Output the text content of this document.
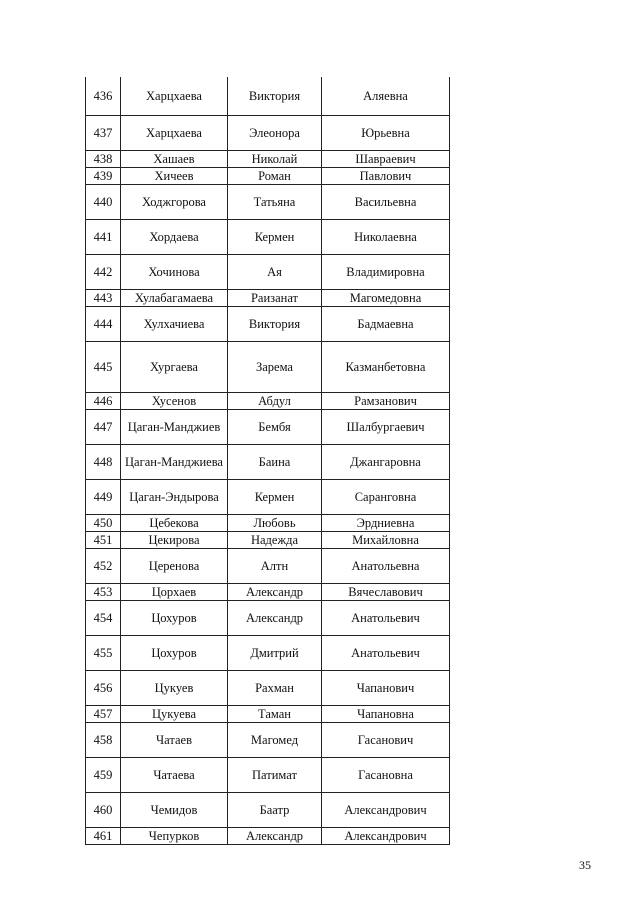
436	Харцхаева	Виктория	Аляевна
437	Харцхаева	Элеонора	Юрьевна
438	Хашаев	Николай	Шавраевич
439	Хичеев	Роман	Павлович
440	Ходжгорова	Татьяна	Васильевна
441	Хордаева	Кермен	Николаевна
442	Хочинова	Ая	Владимировна
443	Хулабагамаева	Раизанат	Магомедовна
444	Хулхачиева	Виктория	Бадмаевна
445	Хургаева	Зарема	Казманбетовна
446	Хусенов	Абдул	Рамзанович
447	Цаган-Манджиев	Бембя	Шалбургаевич
448	Цаган-Манджиева	Баина	Джангаровна
449	Цаган-Эндырова	Кермен	Саранговна
450	Цебекова	Любовь	Эрдниевна
451	Цекирова	Надежда	Михайловна
452	Церенова	Алтн	Анатольевна
453	Цорхаев	Александр	Вячеславович
454	Цохуров	Александр	Анатольевич
455	Цохуров	Дмитрий	Анатольевич
456	Цукуев	Рахман	Чапанович
457	Цукуева	Таман	Чапановна
458	Чатаев	Магомед	Гасанович
459	Чатаева	Патимат	Гасановна
460	Чемидов	Баатр	Александрович
461	Чепурков	Александр	Александрович
35
